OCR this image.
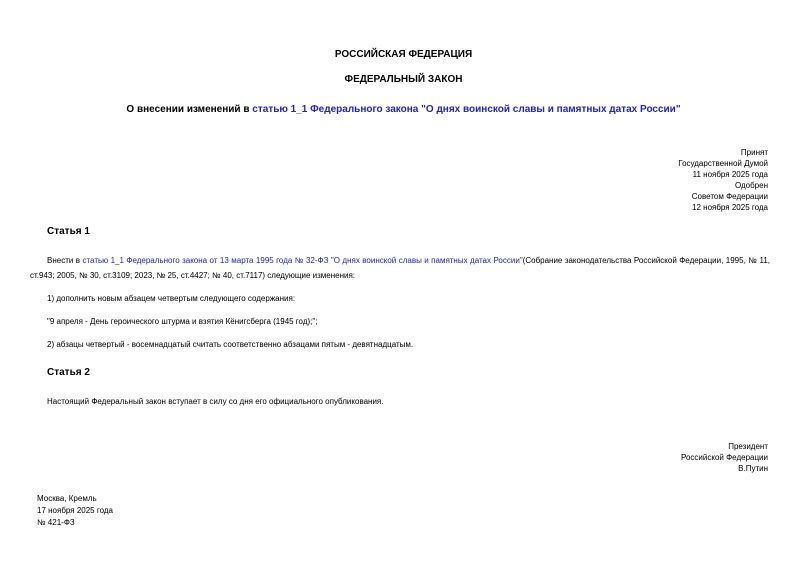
РОССИЙСКАЯ ФЕДЕРАЦИЯ
ФЕДЕРАЛЬНЫЙ ЗАКОН
О внесении изменений в статью 1_1 Федерального закона "О днях воинской славы и памятных датах России"
Принят
Государственной Думой
11 ноября 2025 года
Одобрен
Советом Федерации
12 ноября 2025 года
Статья 1

Внести в статью 1_1 Федерального закона от 13 марта 1995 года № 32-ФЗ "О днях воинской славы и памятных датах России"(Собрание законодательства Российской Федерации, 1995, № 11, ст.943; 2005, № 30, ст.3109; 2023, № 25, ст.4427; № 40, ст.7117) следующие изменения:

1) дополнить новым абзацем четвертым следующего содержания:

"9 апреля - День героического штурма и взятия Кёнигсберга (1945 год);";

2) абзацы четвертый - восемнадцатый считать соответственно абзацами пятым - девятнадцатым.

Статья 2

Настоящий Федеральный закон вступает в силу со дня его официального опубликования.

Президент
Российской Федерации
В.Путин
Москва, Кремль
17 ноября 2025 года
№ 421-ФЗ
